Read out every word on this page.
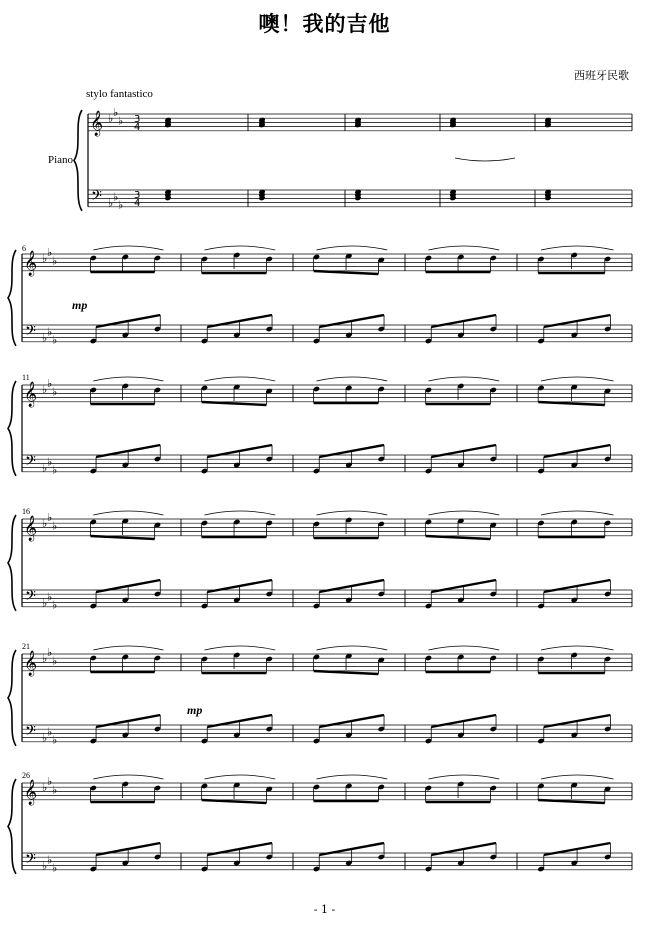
噢！我的吉他
西班牙民歌
stylo fantastico
Piano
6
11
16
21
26
mp
mp
𝄞
𝄢
♭ ♭
♭
♭ ♭
♭
3
3
4
4
𝄞
𝄢
♭ ♭
♭
♭ ♭
♭
𝄞
𝄢
♭ ♭
♭
♭ ♭
♭
𝄞
𝄢
♭ ♭
♭
♭ ♭
♭
𝄞
𝄢
♭ ♭
♭
♭ ♭
♭
𝄞
𝄢
♭ ♭
♭
♭ ♭
♭
- 1 -
